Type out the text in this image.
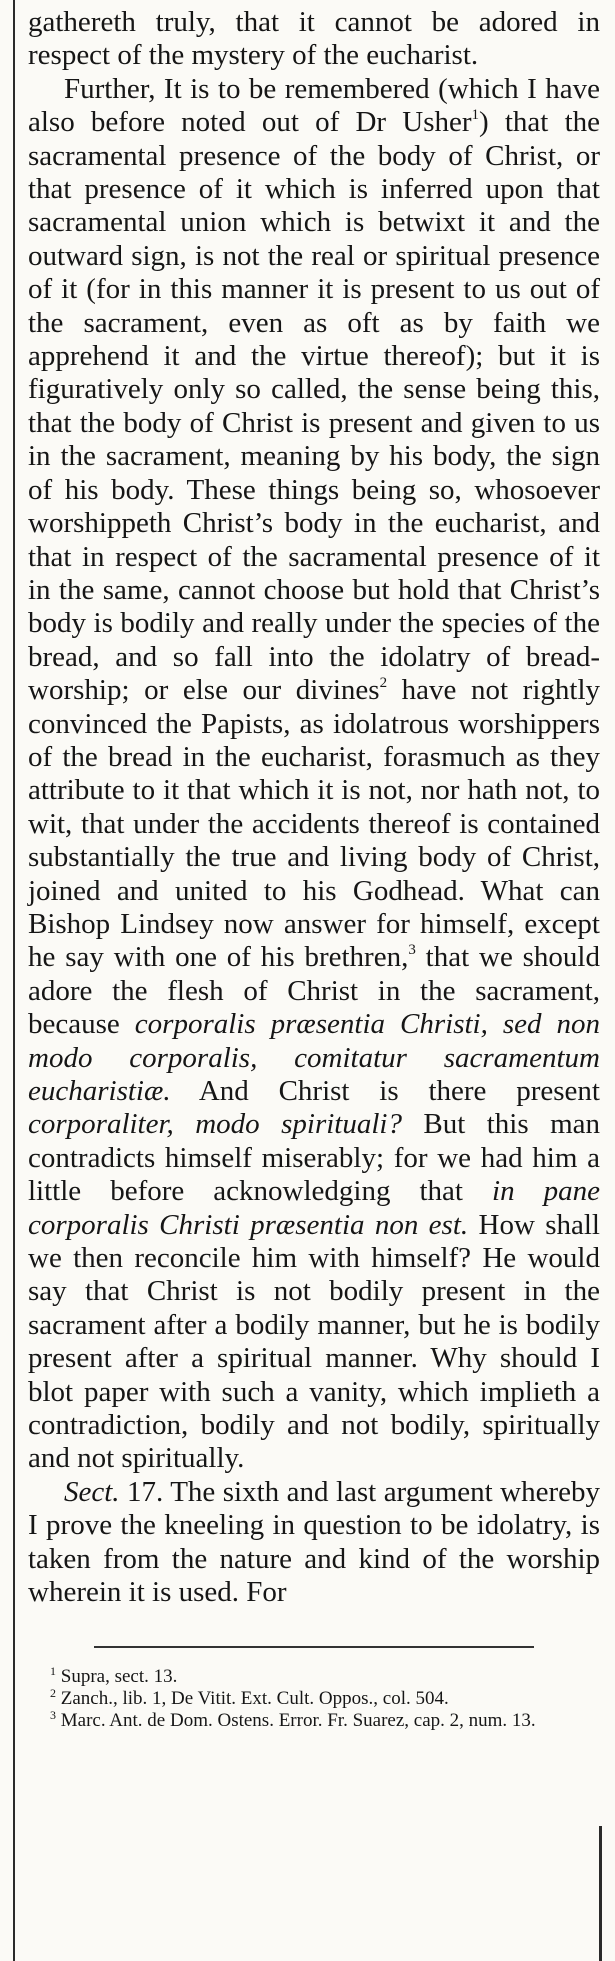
gathereth truly, that it cannot be adored in respect of the mystery of the eucharist.

Further, It is to be remembered (which I have also before noted out of Dr Usher$^1$) that the sacramental presence of the body of Christ, or that presence of it which is inferred upon that sacramental union which is betwixt it and the outward sign, is not the real or spiritual presence of it (for in this manner it is present to us out of the sacrament, even as oft as by faith we apprehend it and the virtue thereof); but it is figuratively only so called, the sense being this, that the body of Christ is present and given to us in the sacrament, meaning by his body, the sign of his body. These things being so, whosoever worshippeth Christ’s body in the eucharist, and that in respect of the sacramental presence of it in the same, cannot choose but hold that Christ’s body is bodily and really under the species of the bread, and so fall into the idolatry of bread-worship; or else our divines$^2$ have not rightly convinced the Papists, as idolatrous worshippers of the bread in the eucharist, forasmuch as they attribute to it that which it is not, nor hath not, to wit, that under the accidents thereof is contained substantially the true and living body of Christ, joined and united to his Godhead. What can Bishop Lindsey now answer for himself, except he say with one of his brethren,$^3$ that we should adore the flesh of Christ in the sacrament, because corporalis præsentia Christi, sed non modo corporalis, comitatur sacramentum eucharistiæ. And Christ is there present corporaliter, modo spirituali? But this man contradicts himself miserably; for we had him a little before acknowledging that in pane corporalis Christi præsentia non est. How shall we then reconcile him with himself? He would say that Christ is not bodily present in the sacrament after a bodily manner, but he is bodily present after a spiritual manner. Why should I blot paper with such a vanity, which implieth a contradiction, bodily and not bodily, spiritually and not spiritually.

Sect. 17. The sixth and last argument whereby I prove the kneeling in question to be idolatry, is taken from the nature and kind of the worship wherein it is used. For

$^1$ Supra, sect. 13.

$^2$ Zanch., lib. 1, De Vitit. Ext. Cult. Oppos., col. 504.

$^3$ Marc. Ant. de Dom. Ostens. Error. Fr. Suarez, cap. 2, num. 13.
